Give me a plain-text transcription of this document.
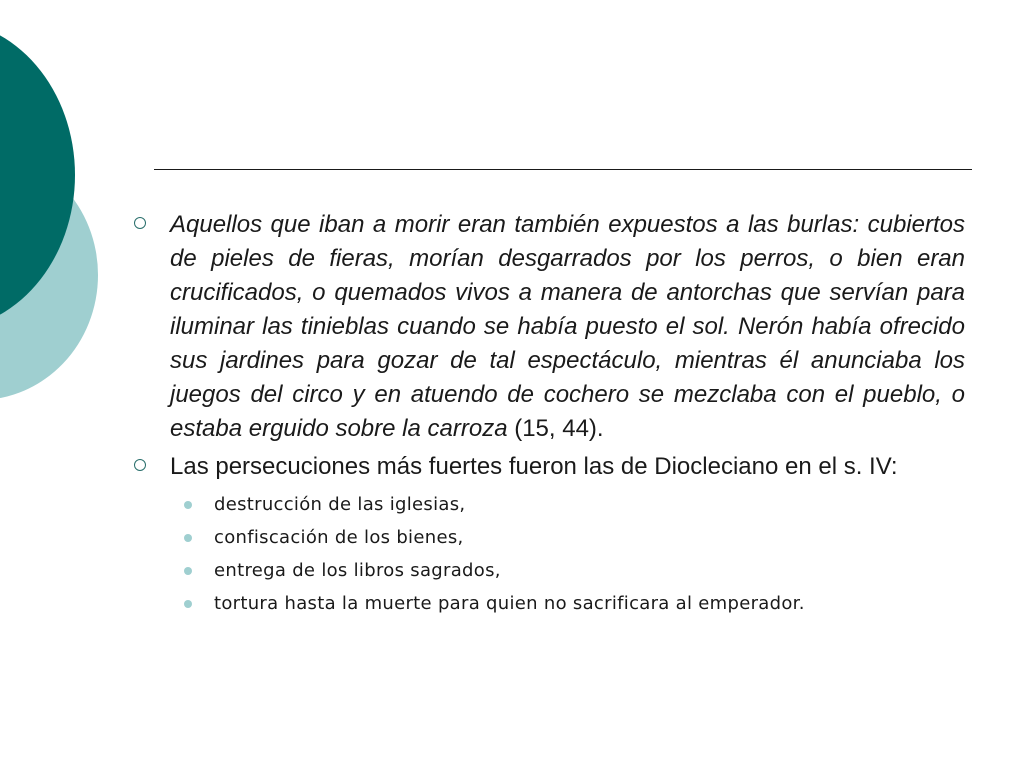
Aquellos que iban a morir eran también expuestos a las burlas: cubiertos de pieles de fieras, morían desgarrados por los perros, o bien eran crucificados, o quemados vivos a manera de antorchas que servían para iluminar las tinieblas cuando se había puesto el sol. Nerón había ofrecido sus jardines para gozar de tal espectáculo, mientras él anunciaba los juegos del circo y en atuendo de cochero se mezclaba con el pueblo, o estaba erguido sobre la carroza (15, 44).
Las persecuciones más fuertes fueron las de Diocleciano en el s. IV:
destrucción de las iglesias,
confiscación de los bienes,
entrega de los libros sagrados,
tortura hasta la muerte para quien no sacrificara al emperador.
